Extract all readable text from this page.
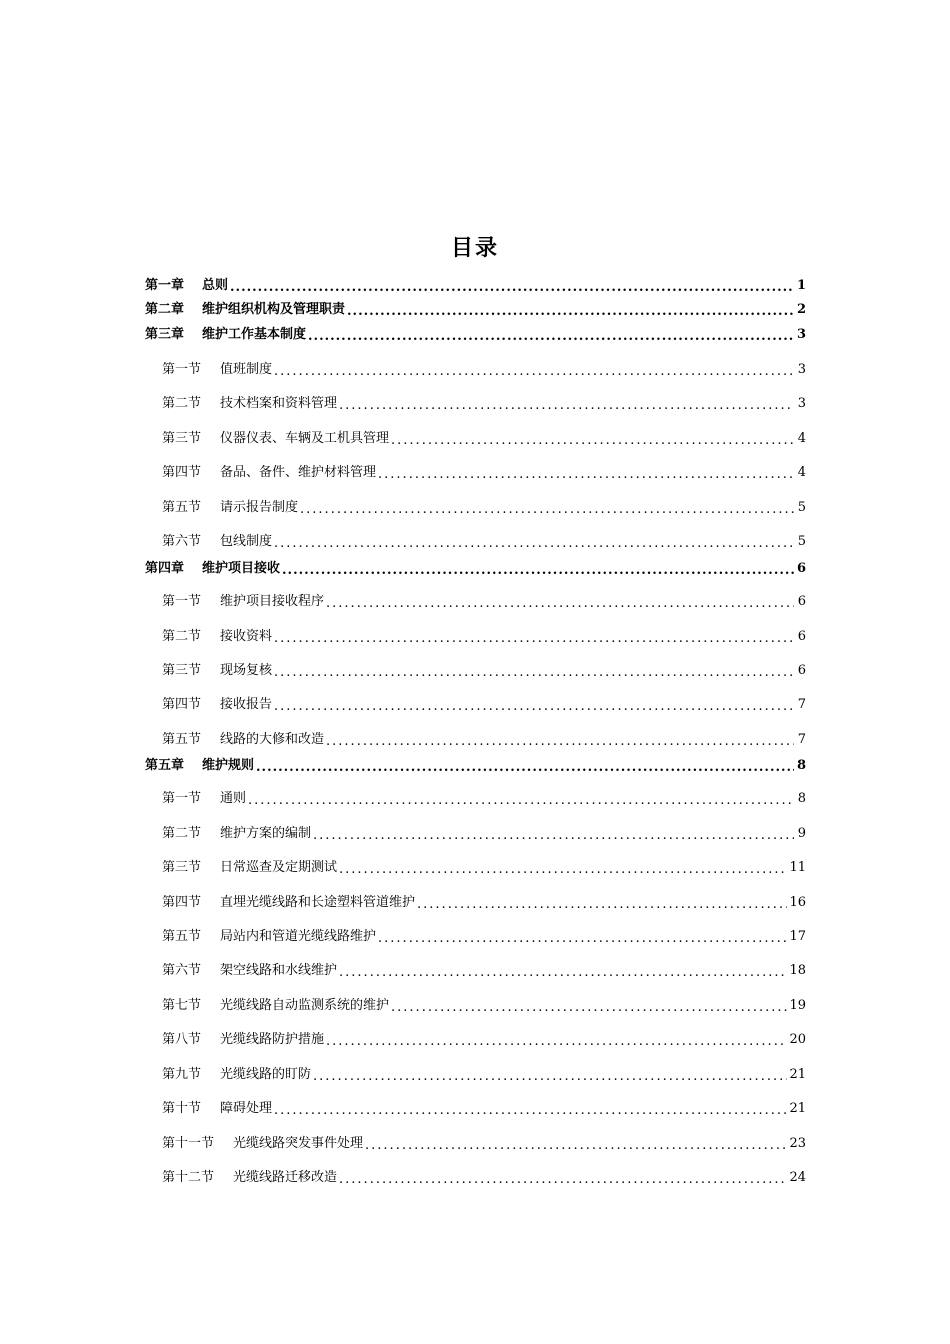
目录
第一章 总则 .....	1
第二章 维护组织机构及管理职责 .....	2
第三章 维护工作基本制度 .....	3
第一节 值班制度 .....	3
第二节 技术档案和资料管理 .....	3
第三节 仪器仪表、车辆及工机具管理 .....	4
第四节 备品、备件、维护材料管理 .....	4
第五节 请示报告制度 .....	5
第六节 包线制度 .....	5
第四章 维护项目接收 .....	6
第一节 维护项目接收程序 .....	6
第二节 接收资料 .....	6
第三节 现场复核 .....	6
第四节 接收报告 .....	7
第五节 线路的大修和改造 .....	7
第五章 维护规则 .....	8
第一节 通则 .....	8
第二节 维护方案的编制 .....	9
第三节 日常巡查及定期测试 .....	11
第四节 直埋光缆线路和长途塑料管道维护 .....	16
第五节 局站内和管道光缆线路维护 .....	17
第六节 架空线路和水线维护 .....	18
第七节 光缆线路自动监测系统的维护 .....	19
第八节 光缆线路防护措施 .....	20
第九节 光缆线路的盯防 .....	21
第十节 障碍处理 .....	21
第十一节 光缆线路突发事件处理 .....	23
第十二节 光缆线路迁移改造 .....	24
